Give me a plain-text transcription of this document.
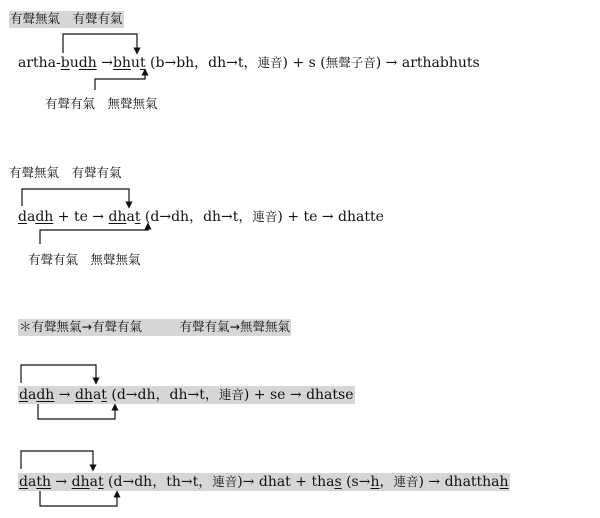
有聲無氣　有聲有氣
artha-budh →bhut (b→bh，dh→t，連音) + s (無聲子音) → arthabhuts
有聲有氣　無聲無氣
有聲無氣　有聲有氣
dadh + te → dhat (d→dh，dh→t，連音) + te → dhatte
有聲有氣　無聲無氣
＊有聲無氣→有聲有氣　　　有聲有氣→無聲無氣
dadh → dhat (d→dh，dh→t，連音) + se → dhatse
dath → dhat (d→dh，th→t，連音)→ dhat + thas (s→h，連音) → dhatthah
